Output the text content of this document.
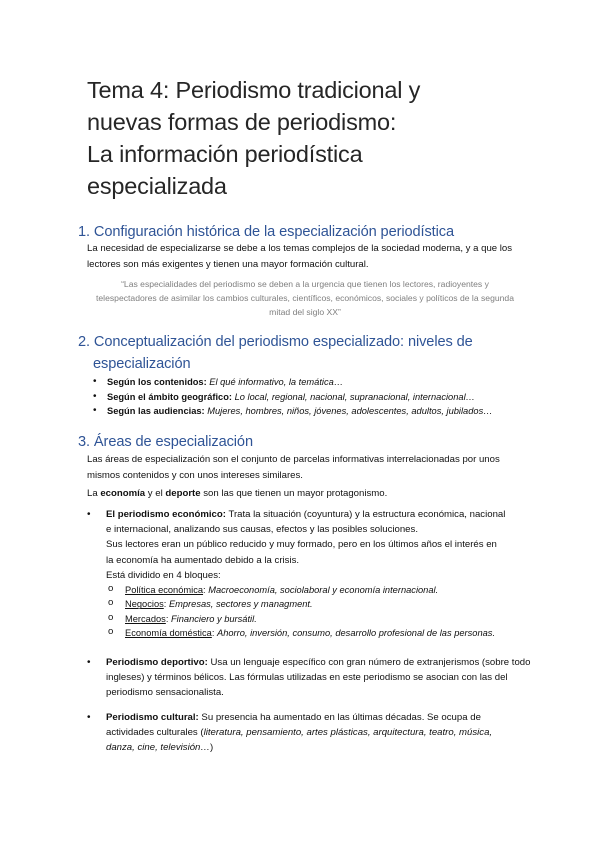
Tema 4: Periodismo tradicional y
nuevas formas de periodismo:
La información periodística
especializada
1. Configuración histórica de la especialización periodística

La necesidad de especializarse se debe a los temas complejos de la sociedad moderna, y a que los lectores son más exigentes y tienen una mayor formación cultural.

“Las especialidades del periodismo se deben a la urgencia que tienen los lectores, radioyentes y telespectadores de asimilar los cambios culturales, científicos, económicos, sociales y políticos de la segunda mitad del siglo XX”

2. Conceptualización del periodismo especializado: niveles de
especialización
• Según los contenidos: El qué informativo, la temática…
• Según el ámbito geográfico: Lo local, regional, nacional, supranacional, internacional…
• Según las audiencias: Mujeres, hombres, niños, jóvenes, adolescentes, adultos, jubilados…
3. Áreas de especialización

Las áreas de especialización son el conjunto de parcelas informativas interrelacionadas por unos mismos contenidos y con unos intereses similares.

La economía y el deporte son las que tienen un mayor protagonismo.

• El periodismo económico: Trata la situación (coyuntura) y la estructura económica, nacional e internacional, analizando sus causas, efectos y las posibles soluciones.
Sus lectores eran un público reducido y muy formado, pero en los últimos años el interés en la economía ha aumentado debido a la crisis.
Está dividido en 4 bloques:
o Política económica: Macroeconomía, sociolaboral y economía internacional.
o Negocios: Empresas, sectores y managment.
o Mercados: Financiero y bursátil.
o Economía doméstica: Ahorro, inversión, consumo, desarrollo profesional de las personas.
• Periodismo deportivo: Usa un lenguaje específico con gran número de extranjerismos (sobre todo ingleses) y términos bélicos. Las fórmulas utilizadas en este periodismo se asocian con las del periodismo sensacionalista.
• Periodismo cultural: Su presencia ha aumentado en las últimas décadas. Se ocupa de actividades culturales (literatura, pensamiento, artes plásticas, arquitectura, teatro, música, danza, cine, televisión…)
